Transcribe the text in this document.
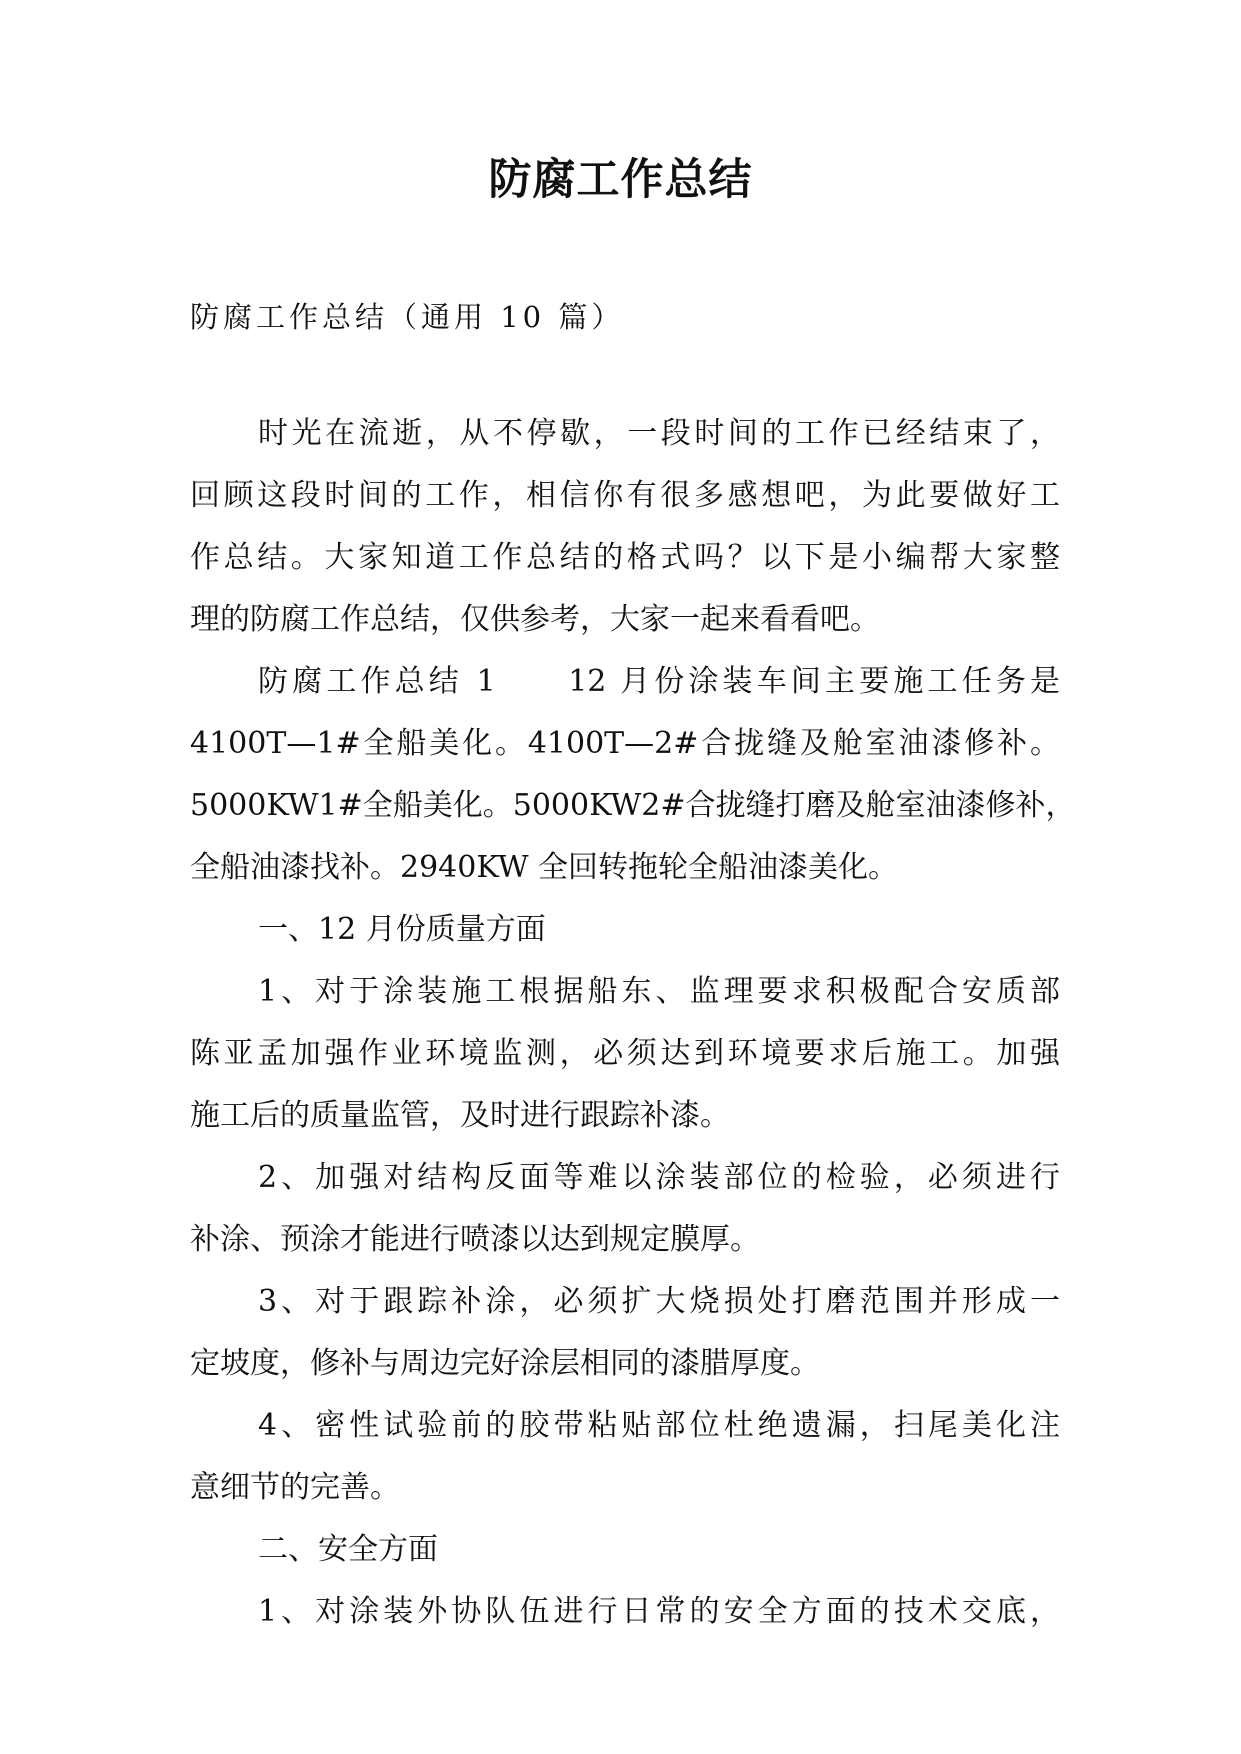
防腐工作总结

防腐工作总结（通用 10 篇）

时光在流逝，从不停歇，一段时间的工作已经结束了，
回顾这段时间的工作，相信你有很多感想吧，为此要做好工
作总结。大家知道工作总结的格式吗？以下是小编帮大家整
理的防腐工作总结，仅供参考，大家一起来看看吧。
防腐工作总结 1　　12 月份涂装车间主要施工任务是
4100T—1#全船美化。4100T—2#合拢缝及舱室油漆修补。
5000KW1#全船美化。5000KW2#合拢缝打磨及舱室油漆修补，
全船油漆找补。2940KW 全回转拖轮全船油漆美化。
一、12 月份质量方面
1、对于涂装施工根据船东、监理要求积极配合安质部
陈亚孟加强作业环境监测，必须达到环境要求后施工。加强
施工后的质量监管，及时进行跟踪补漆。
2、加强对结构反面等难以涂装部位的检验，必须进行
补涂、预涂才能进行喷漆以达到规定膜厚。
3、对于跟踪补涂，必须扩大烧损处打磨范围并形成一
定坡度，修补与周边完好涂层相同的漆腊厚度。
4、密性试验前的胶带粘贴部位杜绝遗漏，扫尾美化注
意细节的完善。
二、安全方面
1、对涂装外协队伍进行日常的安全方面的技术交底，
